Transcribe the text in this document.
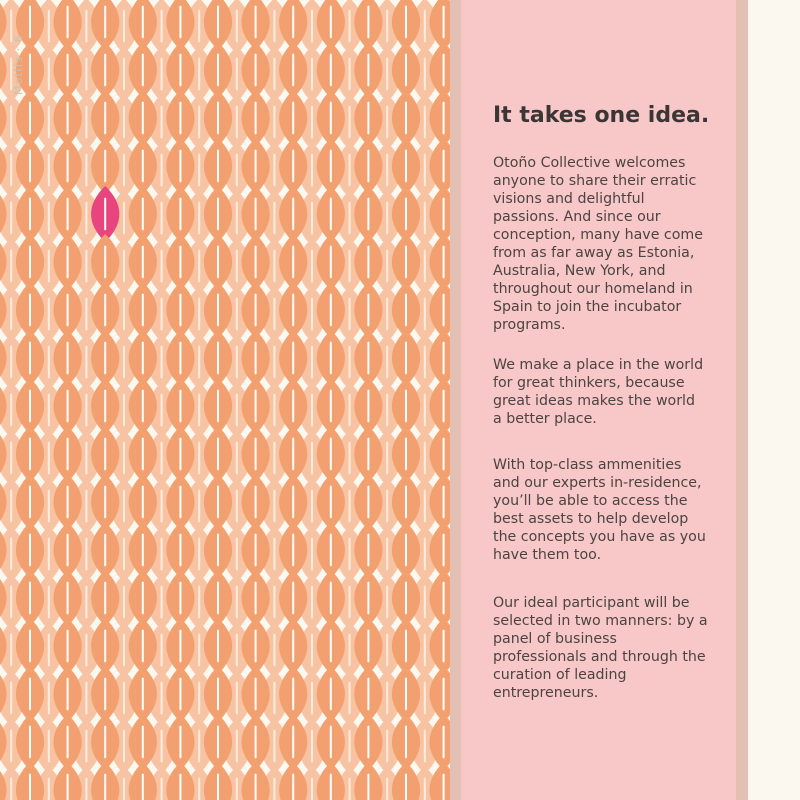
Motifs · 6
It takes one idea.

Otoño Collective welcomes anyone to share their erratic visions and delightful passions. And since our conception, many have come from as far away as Estonia, Australia, New York, and throughout our homeland in Spain to join the incubator programs.

We make a place in the world for great thinkers, because great ideas makes the world a better place.

With top-class ammenities and our experts in-residence, you’ll be able to access the best assets to help develop the concepts you have as you have them too.

Our ideal participant will be selected in two manners: by a panel of business professionals and through the curation of leading entrepreneurs.
